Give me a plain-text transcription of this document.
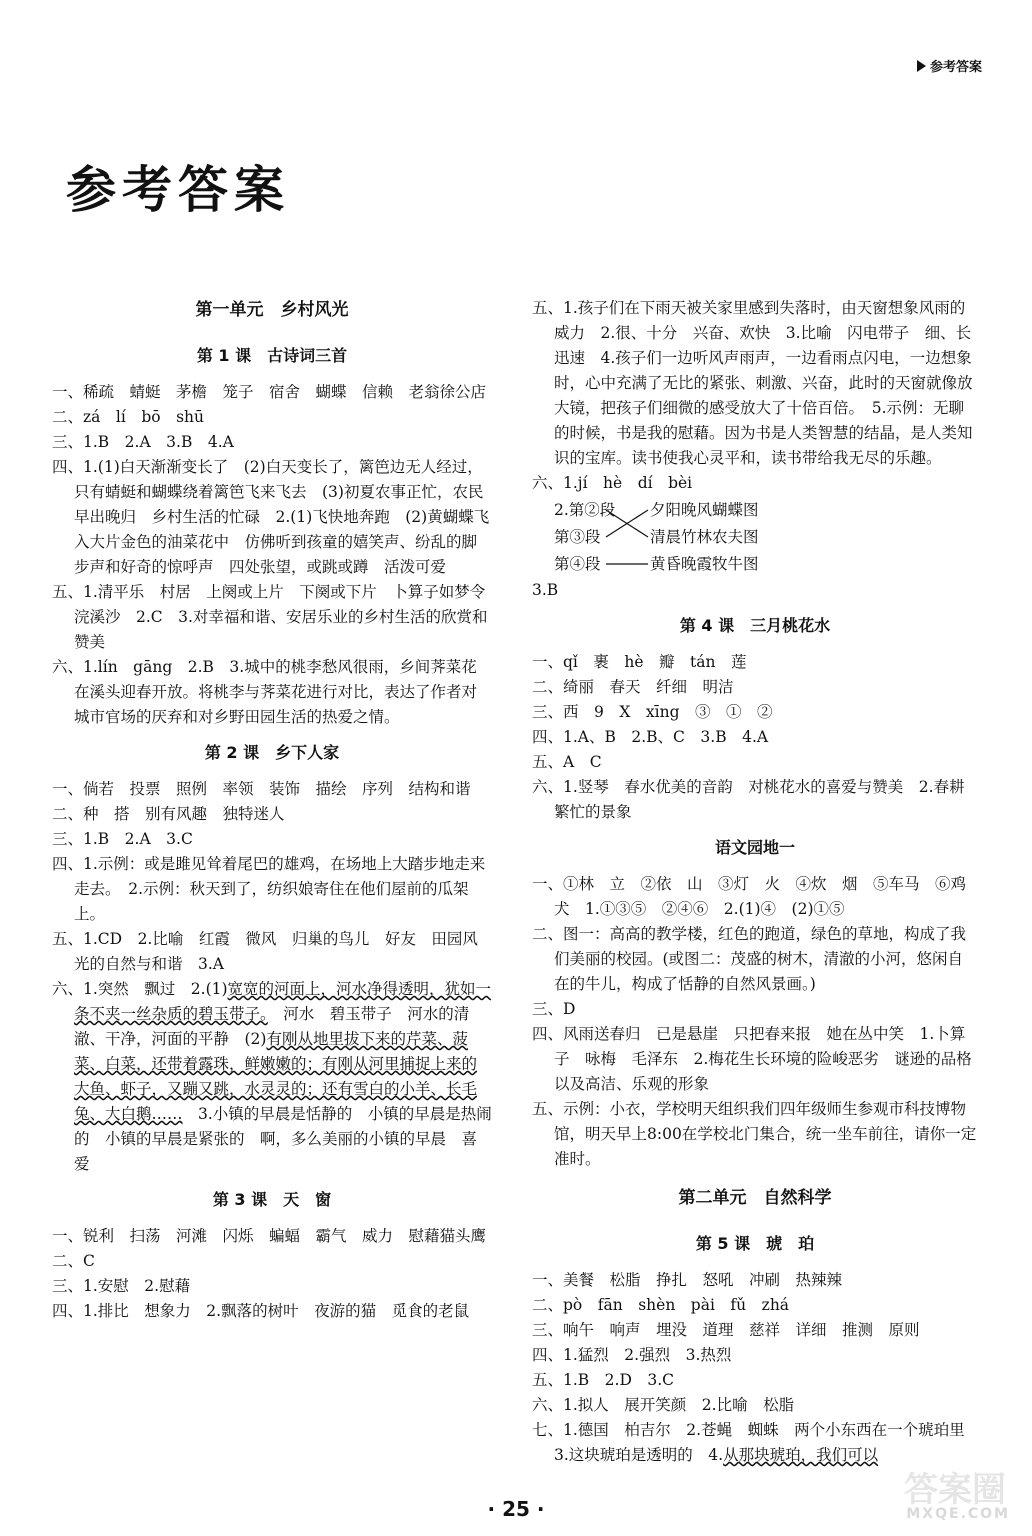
参考答案
参考答案
第一单元　乡村风光
第 1 课　古诗词三首

一、稀疏　蜻蜓　茅檐　笼子　宿舍　蝴蝶　信赖　老翁徐公店

二、zá　lí　bō　shū

三、1.B　2.A　3.B　4.A

四、1.(1)白天渐渐变长了　(2)白天变长了，篱笆边无人经过，只有蜻蜓和蝴蝶绕着篱笆飞来飞去　(3)初夏农事正忙，农民早出晚归　乡村生活的忙碌　2.(1)飞快地奔跑　(2)黄蝴蝶飞入大片金色的油菜花中　仿佛听到孩童的嬉笑声、纷乱的脚步声和好奇的惊呼声　四处张望，或跳或蹲　活泼可爱

五、1.清平乐　村居　上阕或上片　下阕或下片　卜算子如梦令　浣溪沙　2.C　3.对幸福和谐、安居乐业的乡村生活的欣赏和赞美

六、1.lín　gāng　2.B　3.城中的桃李愁风很雨，乡间荠菜花在溪头迎春开放。将桃李与荠菜花进行对比，表达了作者对城市官场的厌弃和对乡野田园生活的热爱之情。

第 2 课　乡下人家

一、倘若　投票　照例　率领　装饰　描绘　序列　结构和谐

二、种　搭　别有风趣　独特迷人

三、1.B　2.A　3.C

四、1.示例：或是雎见耸着尾巴的雄鸡，在场地上大踏步地走来走去。　2.示例：秋天到了，纺织娘寄住在他们屋前的瓜架上。

五、1.CD　2.比喻　红霞　微风　归巢的鸟儿　好友　田园风光的自然与和谐　3.A

六、1.突然　飘过　2.(1)宽宽的河面上，河水净得透明，犹如一条不夹一丝杂质的碧玉带子。　河水　碧玉带子　河水的清澈、干净，河面的平静　(2)有刚从地里拔下来的芹菜、菠菜、白菜，还带着露珠，鲜嫩嫩的；有刚从河里捕捉上来的大鱼、虾子，又蹦又跳，水灵灵的；还有雪白的小羊、长毛兔、大白鹅……　3.小镇的早晨是恬静的　小镇的早晨是热闹的　小镇的早晨是紧张的　啊，多么美丽的小镇的早晨　喜爱

第 3 课　天　窗

一、锐利　扫荡　河滩　闪烁　蝙蝠　霸气　威力　慰藉猫头鹰

二、C

三、1.安慰　2.慰藉

四、1.排比　想象力　2.飘落的树叶　夜游的猫　觅食的老鼠

五、1.孩子们在下雨天被关家里感到失落时，由天窗想象风雨的威力　2.很、十分　兴奋、欢快　3.比喻　闪电带子　细、长　迅速　4.孩子们一边听风声雨声，一边看雨点闪电，一边想象时，心中充满了无比的紧张、刺激、兴奋，此时的天窗就像放大镜，把孩子们细微的感受放大了十倍百倍。　5.示例：无聊的时候，书是我的慰藉。因为书是人类智慧的结晶，是人类知识的宝库。读书使我心灵平和，读书带给我无尽的乐趣。

六、1.jí　hè　dí　bèi

2.第②段
第③段
第④段
夕阳晚风蝴蝶图
清晨竹林农夫图
黄昏晚霞牧牛图

3.B

第 4 课　三月桃花水

一、qǐ　裹　hè　瓣　tán　莲

二、绮丽　春天　纤细　明洁

三、西　9　X　xīng　③　①　②

四、1.A、B　2.B、C　3.B　4.A

五、A　C

六、1.竖琴　春水优美的音韵　对桃花水的喜爱与赞美　2.春耕繁忙的景象

语文园地一

一、①林　立　②依　山　③灯　火　④炊　烟　⑤车马　⑥鸡　犬　1.①③⑤　②④⑥　2.(1)④　(2)①⑤

二、图一：高高的教学楼，红色的跑道，绿色的草地，构成了我们美丽的校园。(或图二：茂盛的树木，清澈的小河，悠闲自在的牛儿，构成了恬静的自然风景画。)

三、D

四、风雨送春归　已是悬崖　只把春来报　她在丛中笑　1.卜算子　咏梅　毛泽东　2.梅花生长环境的险峻恶劣　谜逊的品格以及高洁、乐观的形象

五、示例：小衣，学校明天组织我们四年级师生参观市科技博物馆，明天早上8:00在学校北门集合，统一坐车前往，请你一定准时。

第二单元　自然科学
第 5 课　琥　珀

一、美餐　松脂　挣扎　怒吼　冲刷　热辣辣

二、pò　fān　shèn　pài　fǔ　zhá

三、响午　响声　埋没　道理　慈祥　详细　推测　原则

四、1.猛烈　2.强烈　3.热烈

五、1.B　2.D　3.C

六、1.拟人　展开笑颜　2.比喻　松脂

七、1.德国　柏吉尔　2.苍蝇　蜘蛛　两个小东西在一个琥珀里　3.这块琥珀是透明的　4.从那块琥珀，我们可以

· 25 ·	答案圈
MXQE.COM
